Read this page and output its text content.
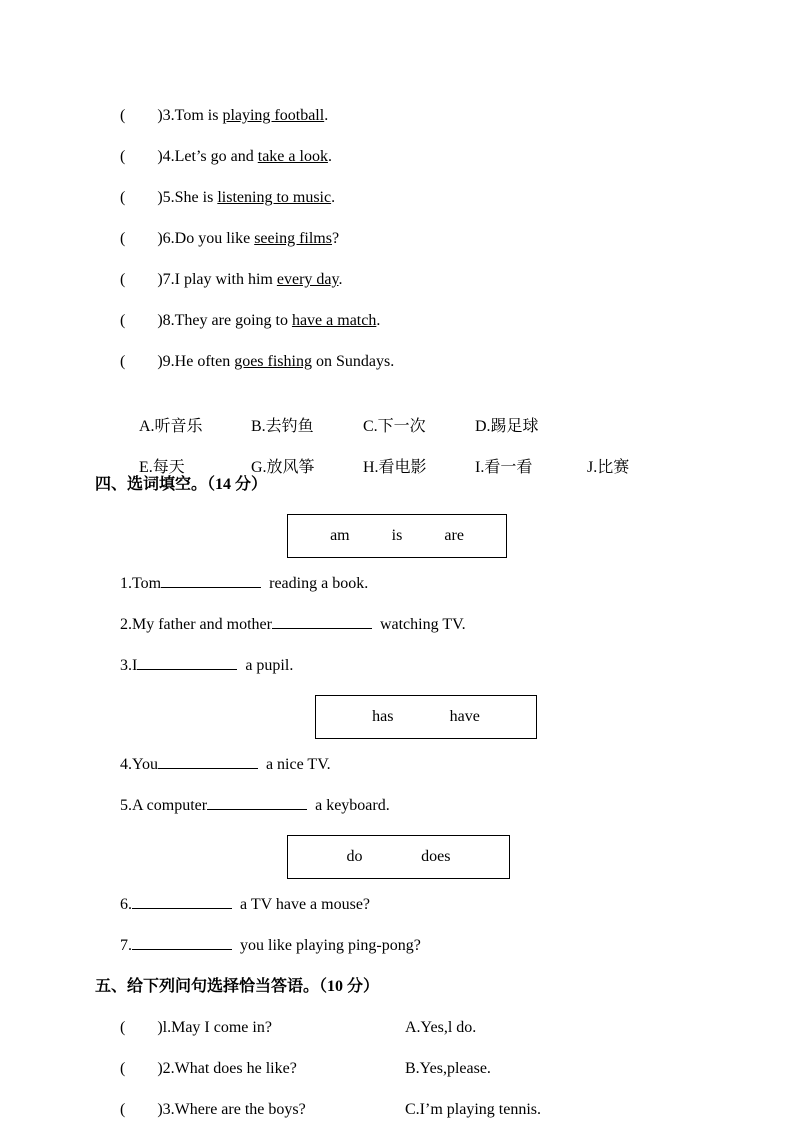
(        )3.Tom is playing football.
(        )4.Let’s go and take a look.
(        )5.She is listening to music.
(        )6.Do you like seeing films?
(        )7.I play with him every day.
(        )8.They are going to have a match.
(        )9.He often goes fishing on Sundays.

A.听音乐	B.去钓鱼	C.下一次	D.踢足球

E.每天	G.放风筝	H.看电影	I.看一看	J.比赛

四、选词填空。（14 分）
am	is	are
1.Tom	reading a book.
2.My father and mother	watching TV.
3.I	a pupil.
has	have
4.You	a nice TV.
5.A computer	a keyboard.
do	does
6.	a TV have a mouse?
7.	you like playing ping-pong?
五、给下列问句选择恰当答语。（10 分）
(        )l.May I come in?	A.Yes,l do.
(        )2.What does he like?	B.Yes,please.
(        )3.Where are the boys?	C.I’m playing tennis.
